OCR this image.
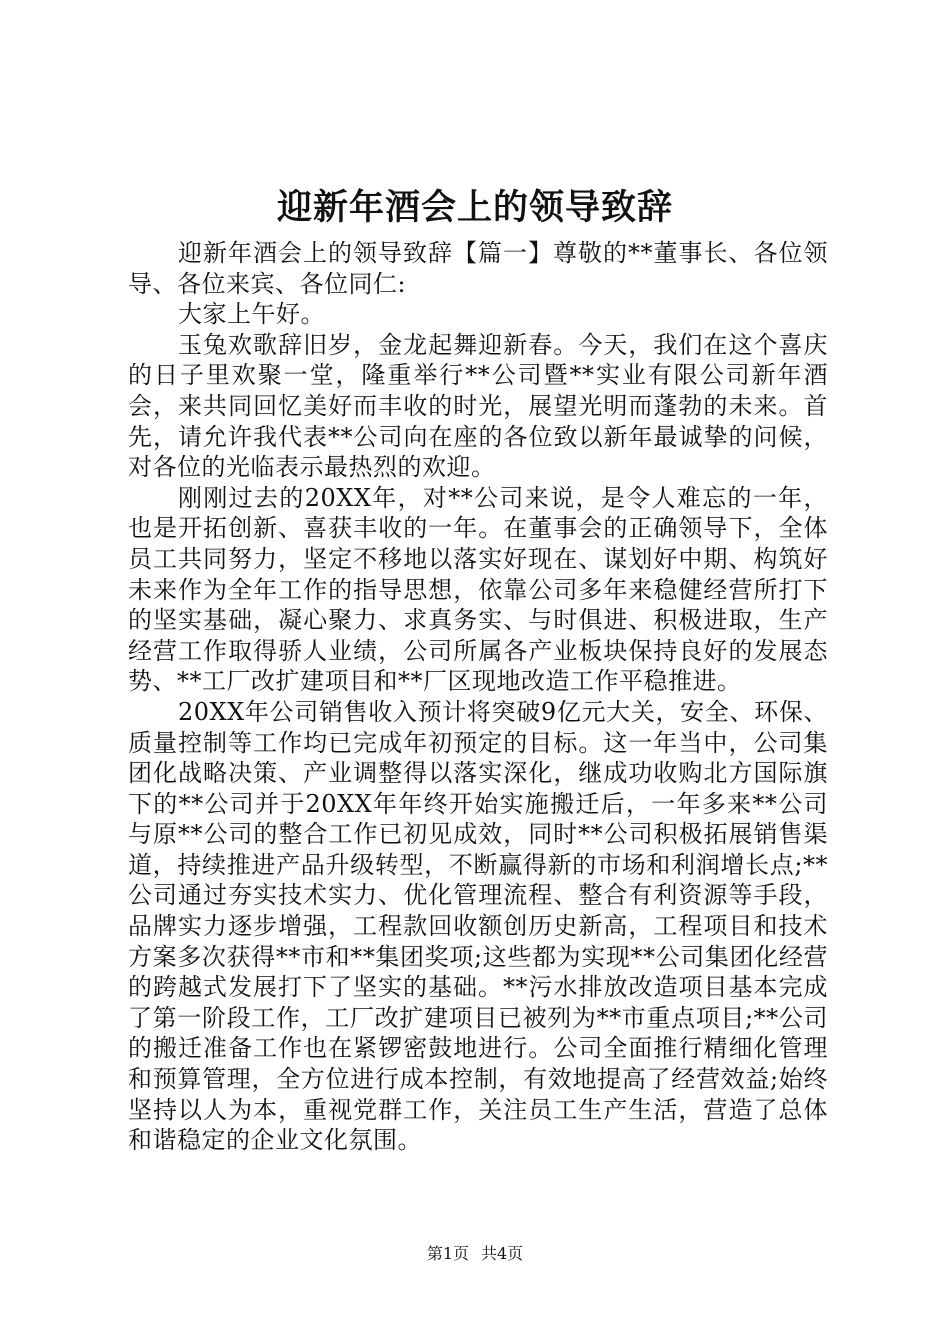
迎新年酒会上的领导致辞

迎新年酒会上的领导致辞【篇一】尊敬的**董事长、各位领导、各位来宾、各位同仁:

大家上午好。

玉兔欢歌辞旧岁，金龙起舞迎新春。今天，我们在这个喜庆的日子里欢聚一堂，隆重举行**公司暨**实业有限公司新年酒会，来共同回忆美好而丰收的时光，展望光明而蓬勃的未来。首先，请允许我代表**公司向在座的各位致以新年最诚挚的问候，对各位的光临表示最热烈的欢迎。

刚刚过去的20XX年，对**公司来说，是令人难忘的一年，也是开拓创新、喜获丰收的一年。在董事会的正确领导下，全体员工共同努力，坚定不移地以落实好现在、谋划好中期、构筑好未来作为全年工作的指导思想，依靠公司多年来稳健经营所打下的坚实基础，凝心聚力、求真务实、与时俱进、积极进取，生产经营工作取得骄人业绩，公司所属各产业板块保持良好的发展态势、**工厂改扩建项目和**厂区现地改造工作平稳推进。

20XX年公司销售收入预计将突破9亿元大关，安全、环保、质量控制等工作均已完成年初预定的目标。这一年当中，公司集团化战略决策、产业调整得以落实深化，继成功收购北方国际旗下的**公司并于20XX年年终开始实施搬迁后，一年多来**公司与原**公司的整合工作已初见成效，同时**公司积极拓展销售渠道，持续推进产品升级转型，不断赢得新的市场和利润增长点;**公司通过夯实技术实力、优化管理流程、整合有利资源等手段，品牌实力逐步增强，工程款回收额创历史新高，工程项目和技术方案多次获得**市和**集团奖项;这些都为实现**公司集团化经营的跨越式发展打下了坚实的基础。**污水排放改造项目基本完成了第一阶段工作，工厂改扩建项目已被列为**市重点项目;**公司的搬迁准备工作也在紧锣密鼓地进行。公司全面推行精细化管理和预算管理，全方位进行成本控制，有效地提高了经营效益;始终坚持以人为本，重视党群工作，关注员工生产生活，营造了总体和谐稳定的企业文化氛围。

第1页 共4页
